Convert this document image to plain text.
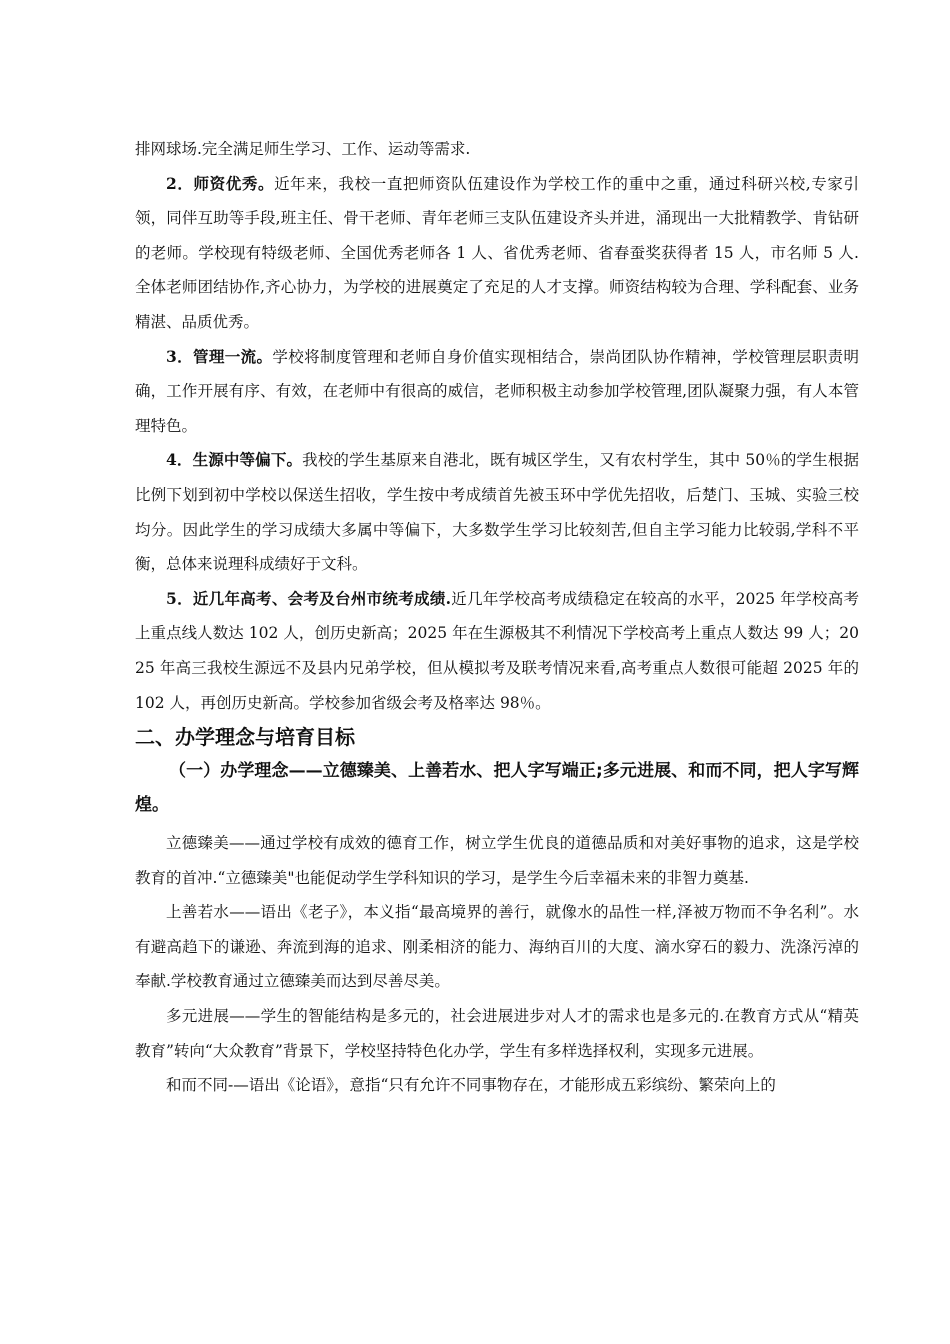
排网球场.完全满足师生学习、工作、运动等需求.

2．师资优秀。近年来，我校一直把师资队伍建设作为学校工作的重中之重，通过科研兴校,专家引领，同伴互助等手段,班主任、骨干老师、青年老师三支队伍建设齐头并进，涌现出一大批精教学、肯钻研的老师。学校现有特级老师、全国优秀老师各 1 人、省优秀老师、省春蚕奖获得者 15 人，市名师 5 人.全体老师团结协作,齐心协力，为学校的进展奠定了充足的人才支撑。师资结构较为合理、学科配套、业务精湛、品质优秀。

3．管理一流。学校将制度管理和老师自身价值实现相结合，崇尚团队协作精神，学校管理层职责明确，工作开展有序、有效，在老师中有很高的威信，老师积极主动参加学校管理,团队凝聚力强，有人本管理特色。

4．生源中等偏下。我校的学生基原来自港北，既有城区学生，又有农村学生，其中 50％的学生根据比例下划到初中学校以保送生招收，学生按中考成绩首先被玉环中学优先招收，后楚门、玉城、实验三校均分。因此学生的学习成绩大多属中等偏下，大多数学生学习比较刻苦,但自主学习能力比较弱,学科不平衡，总体来说理科成绩好于文科。

5．近几年高考、会考及台州市统考成绩.近几年学校高考成绩稳定在较高的水平，2025 年学校高考上重点线人数达 102 人，创历史新高；2025 年在生源极其不利情况下学校高考上重点人数达 99 人；2025 年高三我校生源远不及县内兄弟学校，但从模拟考及联考情况来看,高考重点人数很可能超 2025 年的 102 人，再创历史新高。学校参加省级会考及格率达 98％。

二、办学理念与培育目标
（一）办学理念——立德臻美、上善若水、把人字写端正;多元进展、和而不同，把人字写辉煌。

立德臻美——通过学校有成效的德育工作，树立学生优良的道德品质和对美好事物的追求，这是学校教育的首冲.“立德臻美"也能促动学生学科知识的学习，是学生今后幸福未来的非智力奠基.

上善若水——语出《老子》，本义指“最高境界的善行，就像水的品性一样,泽被万物而不争名利”。水有避高趋下的谦逊、奔流到海的追求、刚柔相济的能力、海纳百川的大度、滴水穿石的毅力、洗涤污淖的奉献.学校教育通过立德臻美而达到尽善尽美。

多元进展——学生的智能结构是多元的，社会进展进步对人才的需求也是多元的.在教育方式从“精英教育”转向“大众教育”背景下，学校坚持特色化办学，学生有多样选择权利，实现多元进展。

和而不同-—语出《论语》，意指“只有允许不同事物存在，才能形成五彩缤纷、繁荣向上的
